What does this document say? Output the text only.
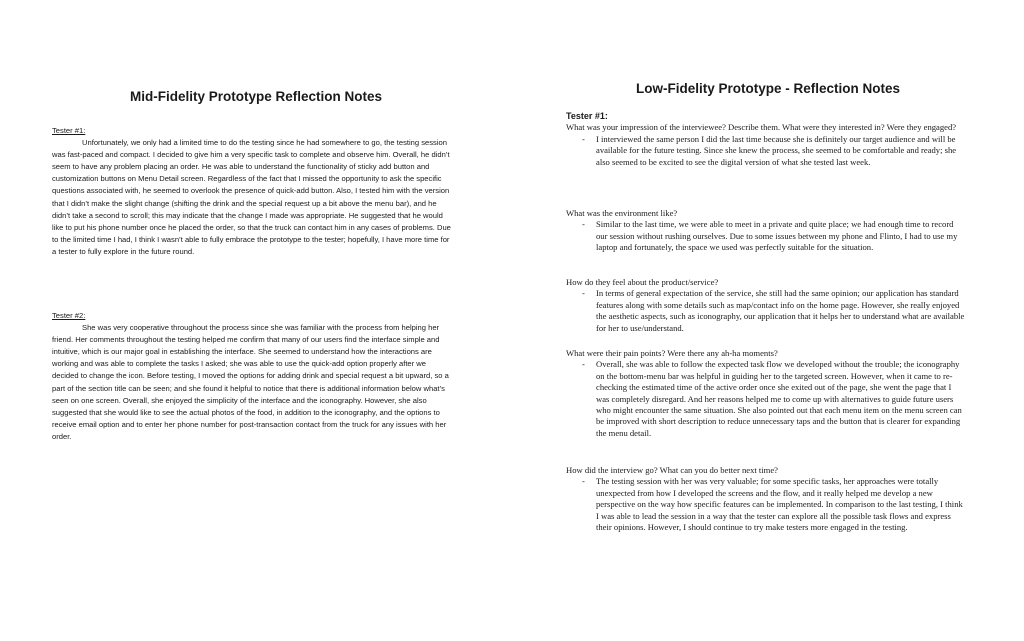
Mid-Fidelity Prototype Reflection Notes
Tester #1:

Unfortunately, we only had a limited time to do the testing since he had somewhere to go, the testing session was fast-paced and compact. I decided to give him a very specific task to complete and observe him. Overall, he didn’t seem to have any problem placing an order. He was able to understand the functionality of sticky add button and customization buttons on Menu Detail screen. Regardless of the fact that I missed the opportunity to ask the specific questions associated with, he seemed to overlook the presence of quick-add button. Also, I tested him with the version that I didn’t make the slight change (shifting the drink and the special request up a bit above the menu bar), and he didn’t take a second to scroll; this may indicate that the change I made was appropriate. He suggested that he would like to put his phone number once he placed the order, so that the truck can contact him in any cases of problems. Due to the limited time I had, I think I wasn’t able to fully embrace the prototype to the tester; hopefully, I have more time for a tester to fully explore in the future round.

Tester #2:

She was very cooperative throughout the process since she was familiar with the process from helping her friend. Her comments throughout the testing helped me confirm that many of our users find the interface simple and intuitive, which is our major goal in establishing the interface. She seemed to understand how the interactions are working and was able to complete the tasks I asked; she was able to use the quick-add option properly after we decided to change the icon. Before testing, I moved the options for adding drink and special request a bit upward, so a part of the section title can be seen; and she found it helpful to notice that there is additional information below what’s seen on one screen. Overall, she enjoyed the simplicity of the interface and the iconography. However, she also suggested that she would like to see the actual photos of the food, in addition to the iconography, and the options to receive email option and to enter her phone number for post-transaction contact from the truck for any issues with her order.

Low-Fidelity Prototype - Reflection Notes
Tester #1:

What was your impression of the interviewee? Describe them. What were they interested in? Were they engaged?

- I interviewed the same person I did the last time because she is definitely our target audience and will be available for the future testing. Since she knew the process, she seemed to be comfortable and ready; she also seemed to be excited to see the digital version of what she tested last week.

What was the environment like?

- Similar to the last time, we were able to meet in a private and quite place; we had enough time to record our session without rushing ourselves. Due to some issues between my phone and Flinto, I had to use my laptop and fortunately, the space we used was perfectly suitable for the situation.

How do they feel about the product/service?

- In terms of general expectation of the service, she still had the same opinion; our application has standard features along with some details such as map/contact info on the home page. However, she really enjoyed the aesthetic aspects, such as iconography, our application that it helps her to understand what are available for her to use/understand.

What were their pain points? Were there any ah-ha moments?

- Overall, she was able to follow the expected task flow we developed without the trouble; the iconography on the bottom-menu bar was helpful in guiding her to the targeted screen. However, when it came to re-checking the estimated time of the active order once she exited out of the page, she went the page that I was completely disregard. And her reasons helped me to come up with alternatives to guide future users who might encounter the same situation. She also pointed out that each menu item on the menu screen can be improved with short description to reduce unnecessary taps and the button that is clearer for expanding the menu detail.

How did the interview go? What can you do better next time?

- The testing session with her was very valuable; for some specific tasks, her approaches were totally unexpected from how I developed the screens and the flow, and it really helped me develop a new perspective on the way how specific features can be implemented. In comparison to the last testing, I think I was able to lead the session in a way that the tester can explore all the possible task flows and express their opinions. However, I should continue to try make testers more engaged in the testing.
